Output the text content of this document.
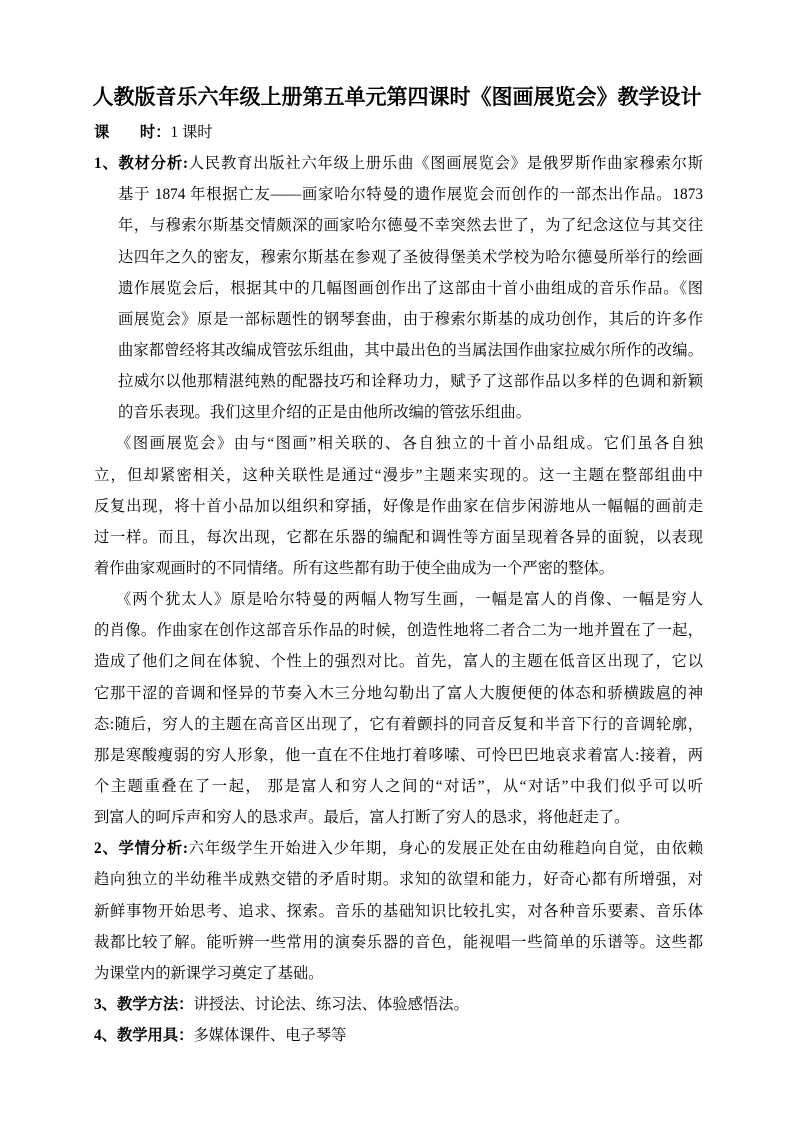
人教版音乐六年级上册第五单元第四课时《图画展览会》教学设计
课　　时：1 课时
1、教材分析:人民教育出版社六年级上册乐曲《图画展览会》是俄罗斯作曲家穆索尔斯
基于 1874 年根据亡友——画家哈尔特曼的遗作展览会而创作的一部杰出作品。1873
年，与穆索尔斯基交情颇深的画家哈尔德曼不幸突然去世了，为了纪念这位与其交往
达四年之久的密友，穆索尔斯基在参观了圣彼得堡美术学校为哈尔德曼所举行的绘画
遗作展览会后，根据其中的几幅图画创作出了这部由十首小曲组成的音乐作品。《图
画展览会》原是一部标题性的钢琴套曲，由于穆索尔斯基的成功创作，其后的许多作
曲家都曾经将其改编成管弦乐组曲，其中最出色的当属法国作曲家拉威尔所作的改编。
拉威尔以他那精湛纯熟的配器技巧和诠释功力，赋予了这部作品以多样的色调和新颖
的音乐表现。我们这里介绍的正是由他所改编的管弦乐组曲。
《图画展览会》由与“图画”相关联的、各自独立的十首小品组成。它们虽各自独
立，但却紧密相关，这种关联性是通过“漫步”主题来实现的。这一主题在整部组曲中
反复出现，将十首小品加以组织和穿插，好像是作曲家在信步闲游地从一幅幅的画前走
过一样。而且，每次出现，它都在乐器的编配和调性等方面呈现着各异的面貌，以表现
着作曲家观画时的不同情绪。所有这些都有助于使全曲成为一个严密的整体。
《两个犹太人》原是哈尔特曼的两幅人物写生画，一幅是富人的肖像、一幅是穷人
的肖像。作曲家在创作这部音乐作品的时候，创造性地将二者合二为一地并置在了一起，
造成了他们之间在体貌、个性上的强烈对比。首先，富人的主题在低音区出现了，它以
它那干涩的音调和怪异的节奏入木三分地勾勒出了富人大腹便便的体态和骄横跋扈的神
态:随后，穷人的主题在高音区出现了，它有着颤抖的同音反复和半音下行的音调轮廓，
那是寒酸瘦弱的穷人形象，他一直在不住地打着哆嗦、可怜巴巴地哀求着富人:接着，两
个主题重叠在了一起， 那是富人和穷人之间的“对话”，从“对话”中我们似乎可以听
到富人的呵斥声和穷人的恳求声。最后，富人打断了穷人的恳求，将他赶走了。
2、学情分析:六年级学生开始进入少年期，身心的发展正处在由幼稚趋向自觉，由依赖
趋向独立的半幼稚半成熟交错的矛盾时期。求知的欲望和能力，好奇心都有所增强，对
新鲜事物开始思考、追求、探索。音乐的基础知识比较扎实，对各种音乐要素、音乐体
裁都比较了解。能听辨一些常用的演奏乐器的音色，能视唱一些简单的乐谱等。这些都
为课堂内的新课学习奠定了基础。
3、教学方法：讲授法、讨论法、练习法、体验感悟法。
4、教学用具：多媒体课件、电子琴等
